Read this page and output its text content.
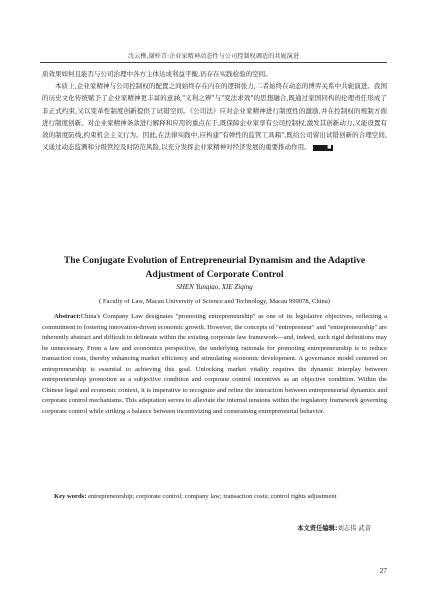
沈云樵,谢梓青:企业家精神动态性与公司控制权调适的共轭演进

质效果如何且能否与公司治理中各方主体达成利益平衡,仍存在实践检验的空间。

本质上,企业家精神与公司控制权的配置之间始终存在内在的逻辑张力,二者始终在动态的博弈关系中共轭演进。我国的历史文化传统赋予了企业家精神更丰富的意涵,"义利之辨"与"变法求效"的思想融合,既通过家国同构的伦理责任形成了非正式约束,又以变革性制度创新提供了试错空间。《公司法》应对企业家精神进行制度性的激励,并在控制权的规制方面进行制度创新。对企业家精神条款进行解释和应用的重点在于,既保障企业家享有公司控制权,激发其创新动力,又能设置有效的制度防线,约束机会主义行为。因此,在法律实践中,应构建"有弹性的监管工具箱",既给公司留出试错创新的合理空间,又通过动态监测和分级管控及时防范风险,以充分发挥企业家精神对经济发展的重要推动作用。	■

The Conjugate Evolution of Entrepreneurial Dynamism and the Adaptive Adjustment of Corporate Control
SHEN Yunqiao, XIE Ziqing
( Faculty of Law, Macau University of Science and Technology, Macau 999078, China)

Abstract:China's Company Law designates "promoting entrepreneurship" as one of its legislative objectives, reflecting a commitment to fostering innovation-driven economic growth. However, the concepts of "entrepreneur" and "entrepreneurship" are inherently abstract and difficult to delineate within the existing corporate law framework—and, indeed, such rigid definitions may be unnecessary. From a law and economics perspective, the underlying rationale for promoting entrepreneurship is to reduce transaction costs, thereby enhancing market efficiency and stimulating economic development. A governance model centered on entrepreneurship is essential to achieving this goal. Unlocking market vitality requires the dynamic interplay between entrepreneurship promotion as a subjective condition and corporate control incentives as an objective condition. Within the Chinese legal and economic context, it is imperative to recognize and refine the interaction between entrepreneurial dynamics and corporate control mechanisms. This adaptation serves to alleviate the internal tensions within the regulatory framework governing corporate control while striking a balance between incentivizing and constraining entrepreneurial behavior.

Key words: entrepreneurship; corporate control; company law; transaction costs; control rights adjustment
本文责任编辑:刘志伟 武音
27
